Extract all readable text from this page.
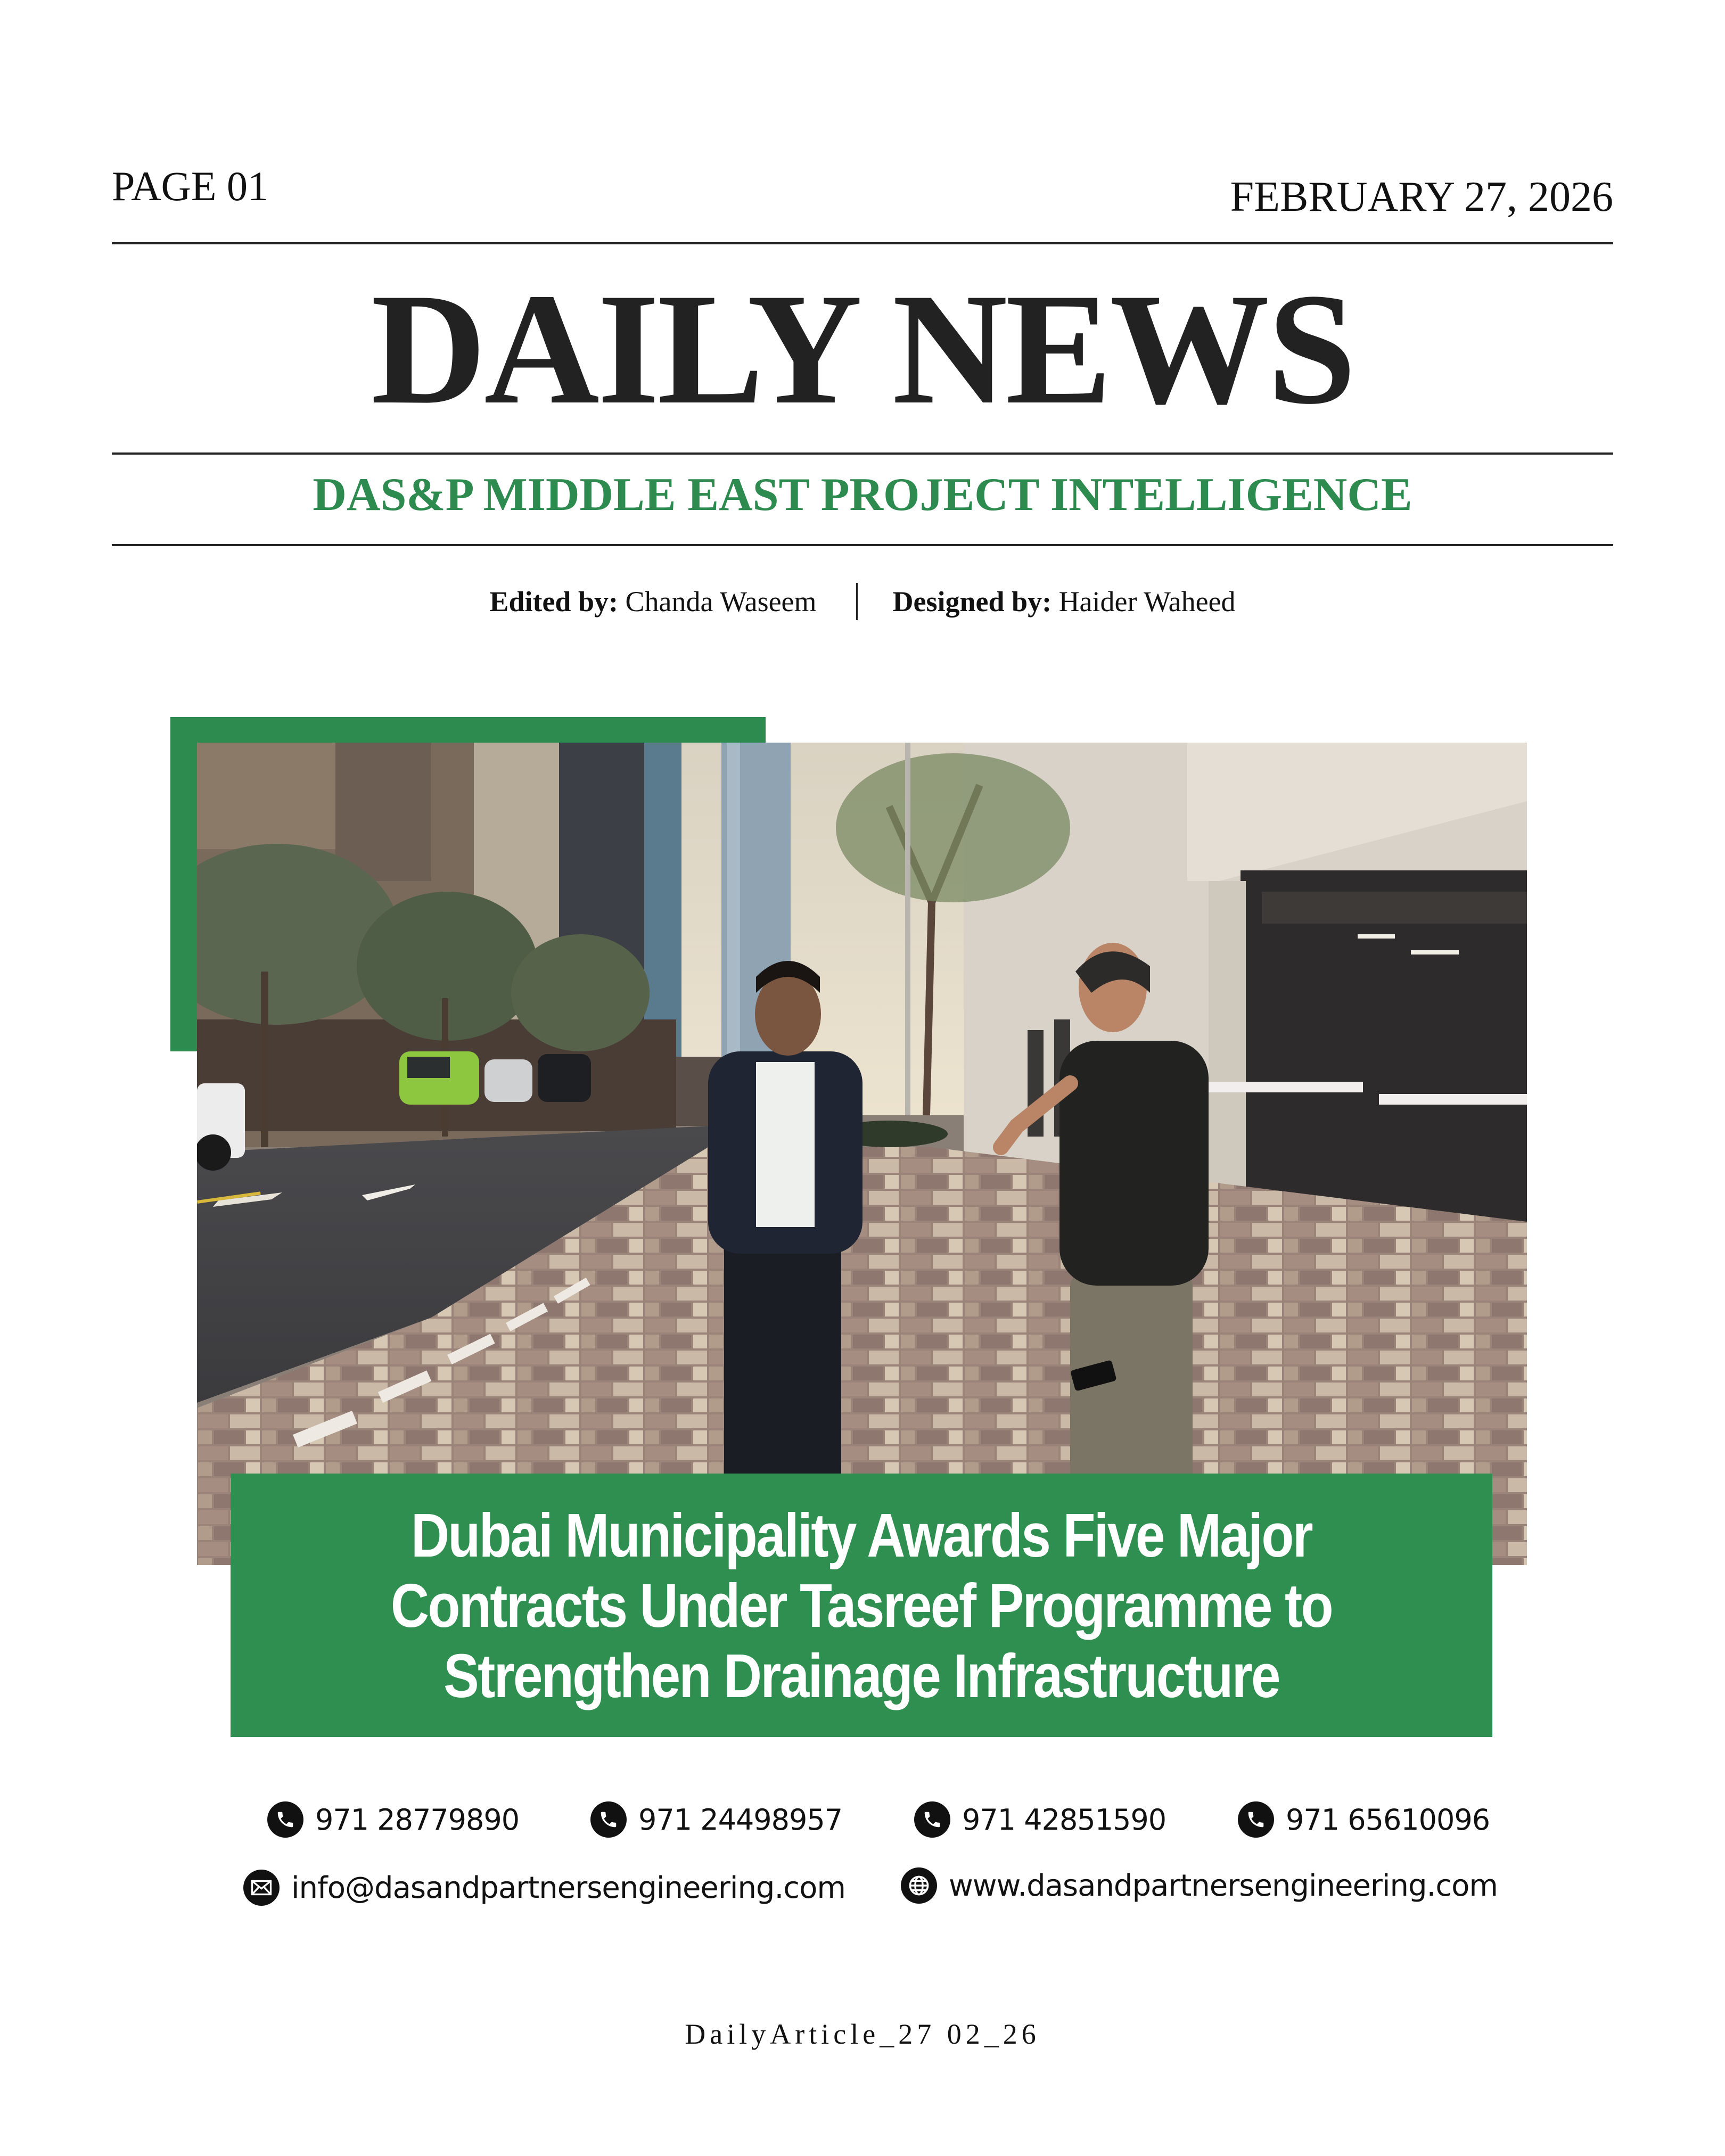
PAGE 01	FEBRUARY 27, 2026
DAILY NEWS
DAS&P MIDDLE EAST PROJECT INTELLIGENCE
Edited by: Chanda Waseem	Designed by: Haider Waheed
Dubai Municipality Awards Five Major
Contracts Under Tasreef Programme to
Strengthen Drainage Infrastructure
971 28779890	971 24498957	971 42851590	971 65610096
info@dasandpartnersengineering.com	www.dasandpartnersengineering.com
DailyArticle_27 02_26
